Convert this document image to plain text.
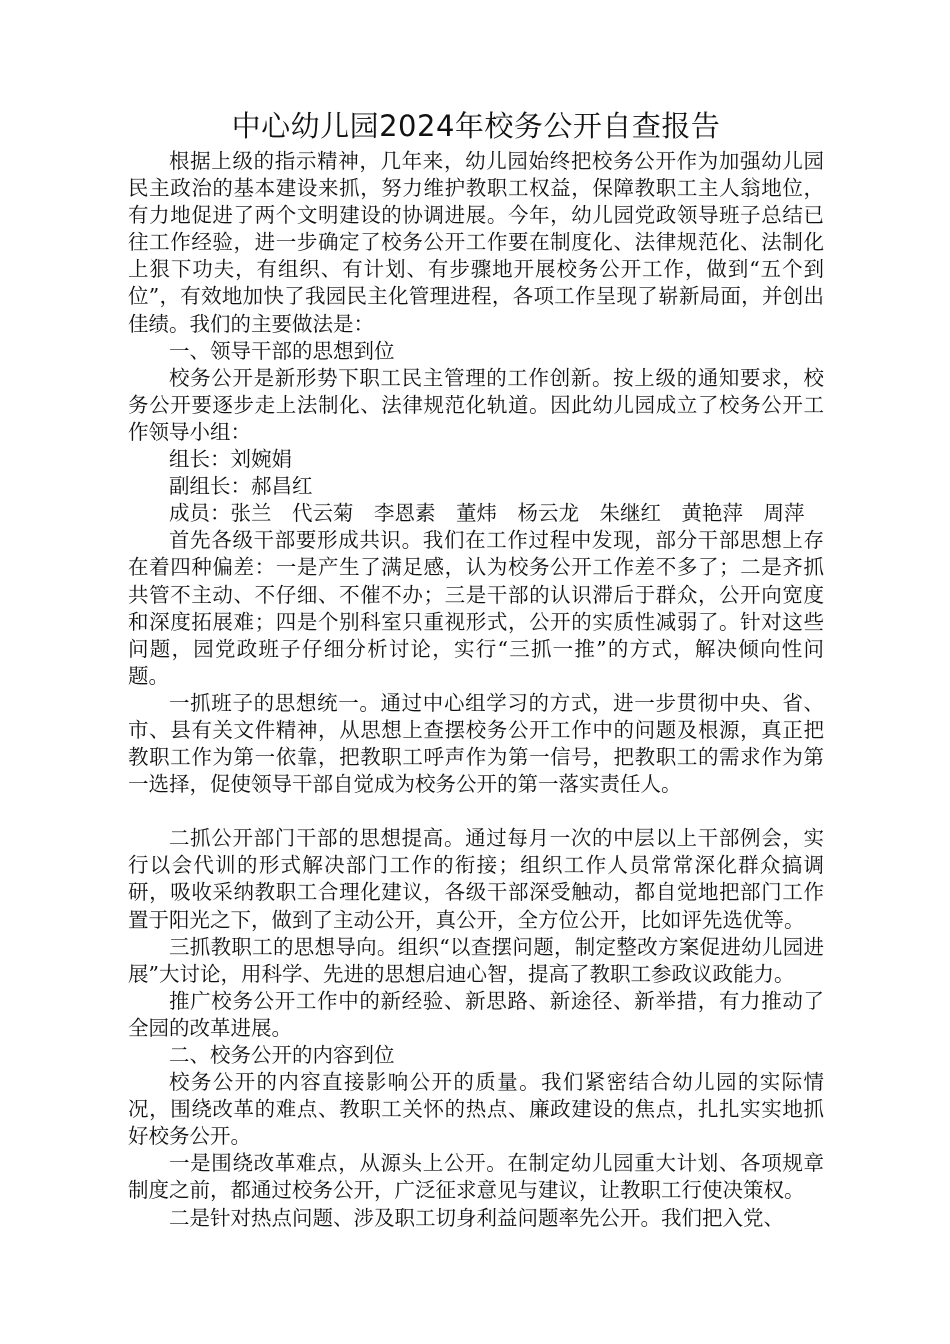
中心幼儿园2024年校务公开自查报告

根据上级的指示精神，几年来，幼儿园始终把校务公开作为加强幼儿园民主政治的基本建设来抓，努力维护教职工权益，保障教职工主人翁地位，有力地促进了两个文明建设的协调进展。今年，幼儿园党政领导班子总结已往工作经验，进一步确定了校务公开工作要在制度化、法律规范化、法制化上狠下功夫，有组织、有计划、有步骤地开展校务公开工作，做到“五个到位”，有效地加快了我园民主化管理进程，各项工作呈现了崭新局面，并创出佳绩。我们的主要做法是：

一、领导干部的思想到位

校务公开是新形势下职工民主管理的工作创新。按上级的通知要求，校务公开要逐步走上法制化、法律规范化轨道。因此幼儿园成立了校务公开工作领导小组：

组长：刘婉娟

副组长：郝昌红

成员：张兰　代云菊　李恩素　董炜　杨云龙　朱继红　黄艳萍　周萍

首先各级干部要形成共识。我们在工作过程中发现，部分干部思想上存在着四种偏差：一是产生了满足感，认为校务公开工作差不多了；二是齐抓共管不主动、不仔细、不催不办；三是干部的认识滞后于群众，公开向宽度和深度拓展难；四是个别科室只重视形式，公开的实质性减弱了。针对这些问题，园党政班子仔细分析讨论，实行“三抓一推”的方式，解决倾向性问题。

一抓班子的思想统一。通过中心组学习的方式，进一步贯彻中央、省、市、县有关文件精神，从思想上查摆校务公开工作中的问题及根源，真正把教职工作为第一依靠，把教职工呼声作为第一信号，把教职工的需求作为第一选择，促使领导干部自觉成为校务公开的第一落实责任人。

二抓公开部门干部的思想提高。通过每月一次的中层以上干部例会，实行以会代训的形式解决部门工作的衔接；组织工作人员常常深化群众搞调研，吸收采纳教职工合理化建议，各级干部深受触动，都自觉地把部门工作置于阳光之下，做到了主动公开，真公开，全方位公开，比如评先选优等。

三抓教职工的思想导向。组织“以查摆问题，制定整改方案促进幼儿园进展”大讨论，用科学、先进的思想启迪心智，提高了教职工参政议政能力。

推广校务公开工作中的新经验、新思路、新途径、新举措，有力推动了全园的改革进展。

二、校务公开的内容到位

校务公开的内容直接影响公开的质量。我们紧密结合幼儿园的实际情况，围绕改革的难点、教职工关怀的热点、廉政建设的焦点，扎扎实实地抓好校务公开。

一是围绕改革难点，从源头上公开。在制定幼儿园重大计划、各项规章制度之前，都通过校务公开，广泛征求意见与建议，让教职工行使决策权。

二是针对热点问题、涉及职工切身利益问题率先公开。我们把入党、
